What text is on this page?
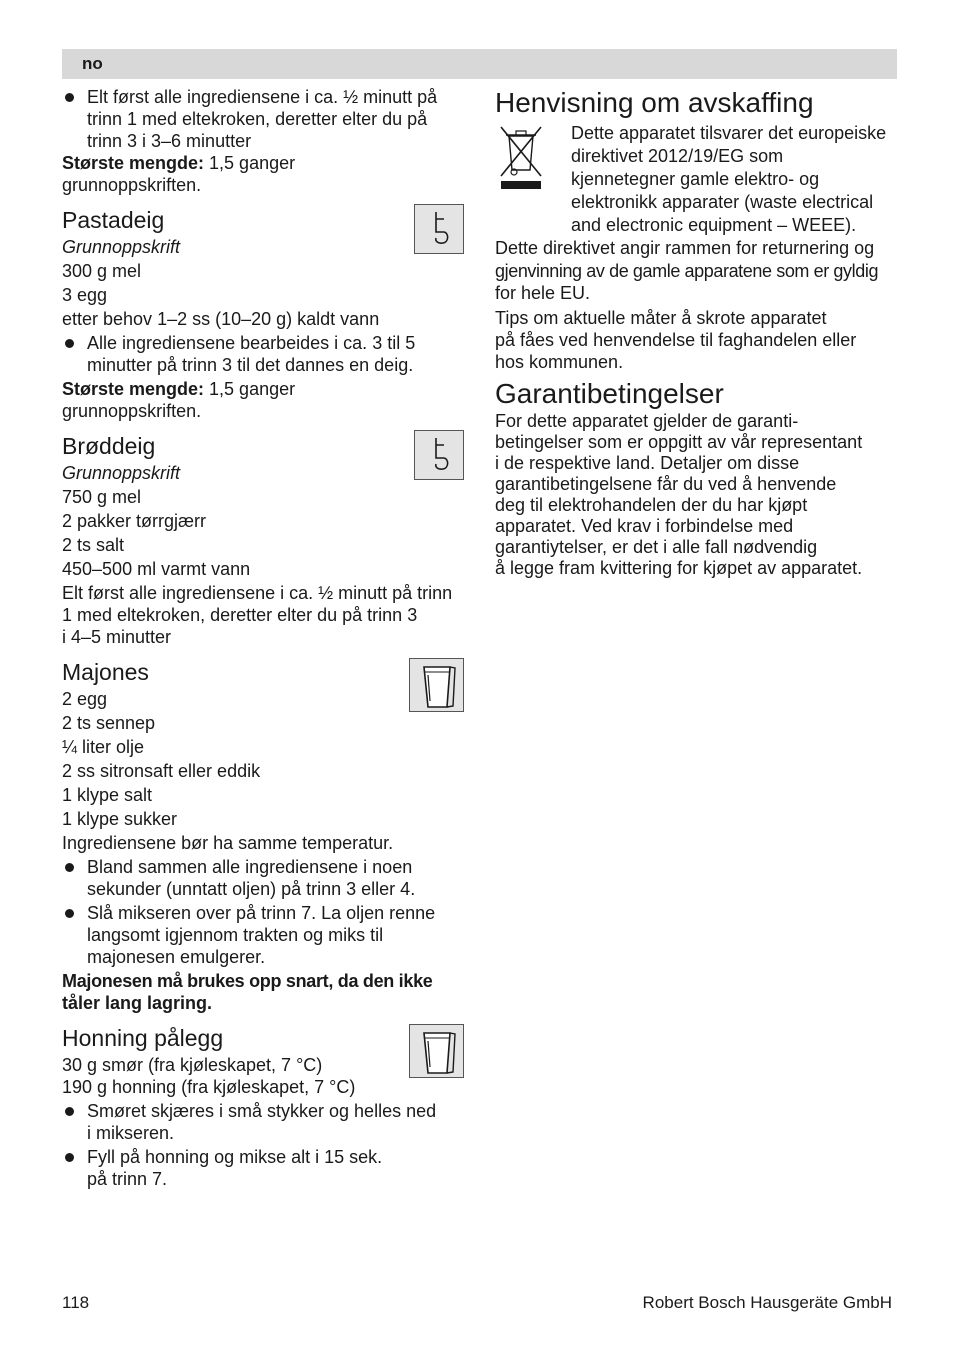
no

Elt først alle ingrediensene i ca. ½ minutt på

trinn 1 med eltekroken, deretter elter du på

trinn 3 i 3–6 minutter

Største mengde: 1,5 ganger

grunnoppskriften.

Pastadeig

Grunnoppskrift

300 g mel

3 egg

etter behov 1–2 ss (10–20 g) kaldt vann

Alle ingrediensene bearbeides i ca. 3 til 5

minutter på trinn 3 til det dannes en deig.

Største mengde: 1,5 ganger

grunnoppskriften.

Brøddeig

Grunnoppskrift

750 g mel

2 pakker tørrgjærr

2 ts salt

450–500 ml varmt vann

Elt først alle ingrediensene i ca. ½ minutt på trinn

1 med eltekroken, deretter elter du på trinn 3

i 4–5 minutter

Majones

2 egg

2 ts sennep

¼ liter olje

2 ss sitronsaft eller eddik

1 klype salt

1 klype sukker

Ingrediensene bør ha samme temperatur.

Bland sammen alle ingrediensene i noen

sekunder (unntatt oljen) på trinn 3 eller 4.

Slå mikseren over på trinn 7. La oljen renne

langsomt igjennom trakten og miks til

majonesen emulgerer.

Majonesen må brukes opp snart, da den ikke

tåler lang lagring.

Honning pålegg

30 g smør (fra kjøleskapet, 7 °C)

190 g honning (fra kjøleskapet, 7 °C)

Smøret skjæres i små stykker og helles ned

i mikseren.

Fyll på honning og mikse alt i 15 sek.

på trinn 7.

Henvisning om avskaffing

Dette apparatet tilsvarer det europeiske

direktivet 2012/19/EG som

kjennetegner gamle elektro- og

elektronikk apparater (waste electrical

and electronic equipment – WEEE).

Dette direktivet angir rammen for returnering og

gjenvinning av de gamle apparatene som er gyldig

for hele EU.

Tips om aktuelle måter å skrote apparatet

på fåes ved henvendelse til faghandelen eller

hos kommunen.

Garantibetingelser

For dette apparatet gjelder de garanti-

betingelser som er oppgitt av vår representant

i de respektive land. Detaljer om disse

garantibetingelsene får du ved å henvende

deg til elektrohandelen der du har kjøpt

apparatet. Ved krav i forbindelse med

garantiytelser, er det i alle fall nødvendig

å legge fram kvittering for kjøpet av apparatet.

118	Robert Bosch Hausgeräte GmbH
